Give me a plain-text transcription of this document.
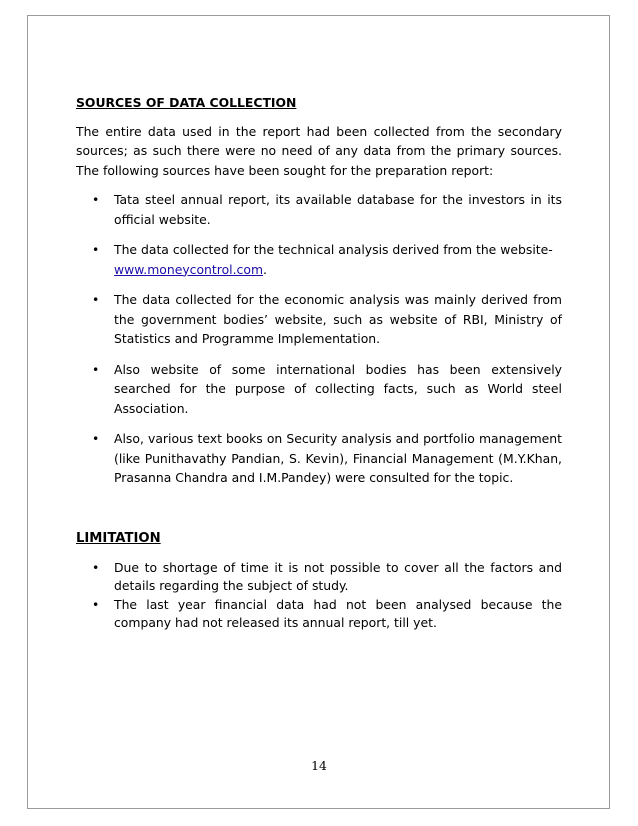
SOURCES OF DATA COLLECTION

The entire data used in the report had been collected from the secondary sources; as such there were no need of any data from the primary sources. The following sources have been sought for the preparation report:

• Tata steel annual report, its available database for the investors in its official website.
• The data collected for the technical analysis derived from the website-
www.moneycontrol.com.
• The data collected for the economic analysis was mainly derived from the government bodies’ website, such as website of RBI, Ministry of Statistics and Programme Implementation.
• Also website of some international bodies has been extensively searched for the purpose of collecting facts, such as World steel Association.
• Also, various text books on Security analysis and portfolio management (like Punithavathy Pandian, S. Kevin), Financial Management (M.Y.Khan, Prasanna Chandra and I.M.Pandey) were consulted for the topic.

LIMITATION

• Due to shortage of time it is not possible to cover all the factors and details regarding the subject of study.
• The last year financial data had not been analysed because the company had not released its annual report, till yet.
14
